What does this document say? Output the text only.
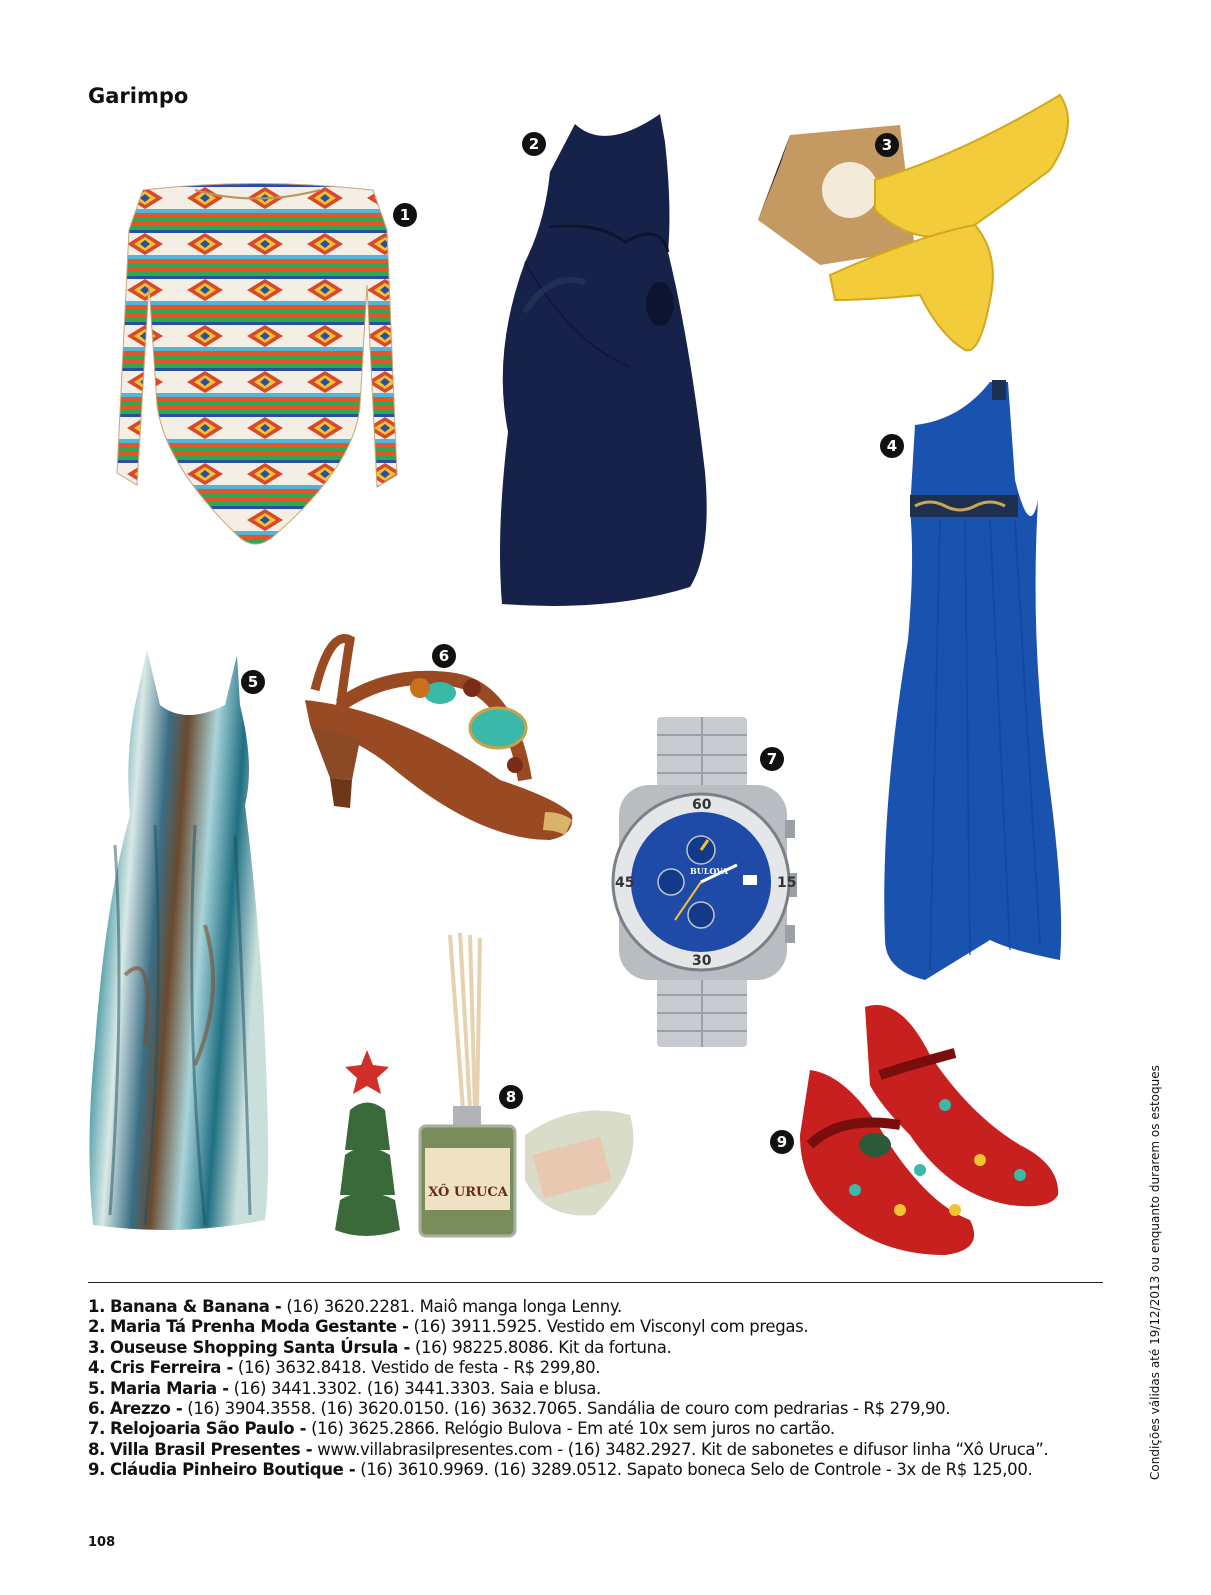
Garimpo
1
2	3
4
5
6
7
XÔ URUCA
8
9
1. Banana & Banana - (16) 3620.2281. Maiô manga longa Lenny.
2. Maria Tá Prenha Moda Gestante - (16) 3911.5925. Vestido em Visconyl com pregas.
3. Ouseuse Shopping Santa Úrsula - (16) 98225.8086. Kit da fortuna.
4. Cris Ferreira - (16) 3632.8418. Vestido de festa - R$ 299,80.
5. Maria Maria - (16) 3441.3302. (16) 3441.3303. Saia e blusa.
6. Arezzo - (16) 3904.3558. (16) 3620.0150. (16) 3632.7065. Sandália de couro com pedrarias - R$ 279,90.
7. Relojoaria São Paulo - (16) 3625.2866. Relógio Bulova - Em até 10x sem juros no cartão.
8. Villa Brasil Presentes - www.villabrasilpresentes.com - (16) 3482.2927. Kit de sabonetes e difusor linha “Xô Uruca”.
9. Cláudia Pinheiro Boutique - (16) 3610.9969. (16) 3289.0512. Sapato boneca Selo de Controle - 3x de R$ 125,00.
108
Condições válidas até 19/12/2013 ou enquanto durarem os estoques
60
30
15
45
BULOVA
